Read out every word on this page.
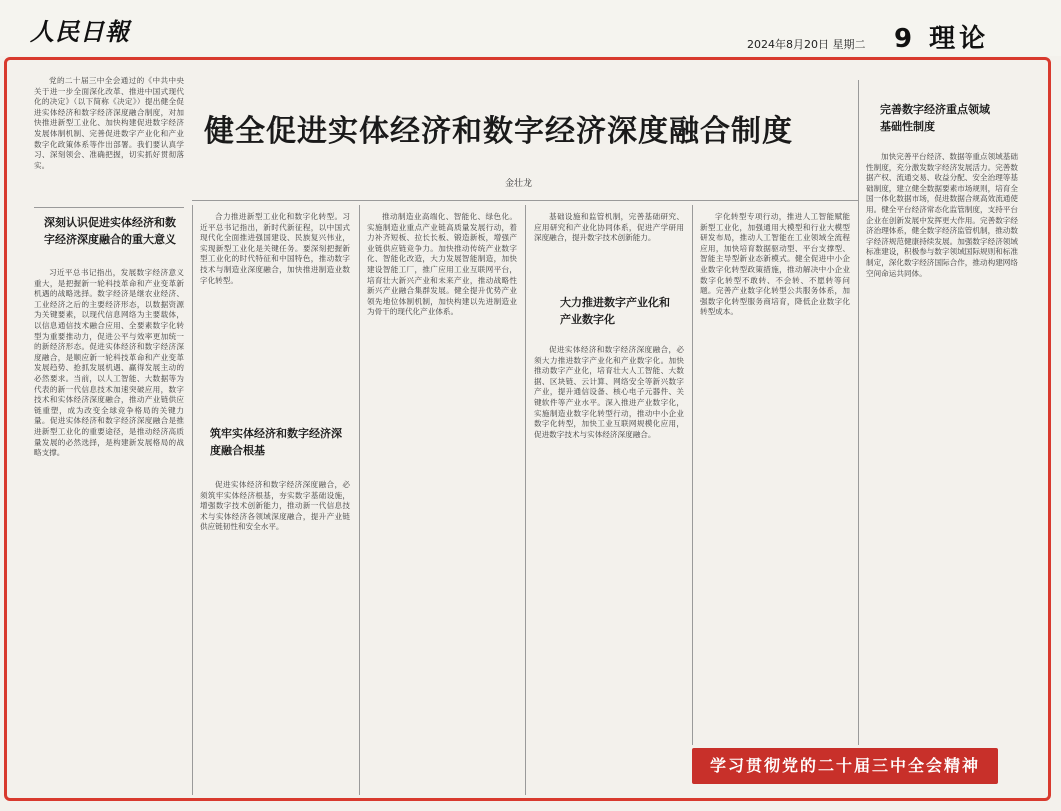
人民日報	2024年8月20日 星期二 9 理论
党的二十届三中全会通过的《中共中央关于进一步全面深化改革、推进中国式现代化的决定》（以下简称《决定》）提出健全促进实体经济和数字经济深度融合制度，对加快推进新型工业化、加快构建促进数字经济发展体制机制、完善促进数字产业化和产业数字化政策体系等作出部署。我们要认真学习、深刻领会、准确把握，切实抓好贯彻落实。
健全促进实体经济和数字经济深度融合制度
金壮龙
深刻认识促进实体经济和数字经济深度融合的重大意义
筑牢实体经济和数字经济深度融合根基
大力推进数字产业化和产业数字化
完善数字经济重点领域基础性制度
习近平总书记指出，发展数字经济意义重大，是把握新一轮科技革命和产业变革新机遇的战略选择。数字经济是继农业经济、工业经济之后的主要经济形态，以数据资源为关键要素，以现代信息网络为主要载体，以信息通信技术融合应用、全要素数字化转型为重要推动力，促进公平与效率更加统一的新经济形态。促进实体经济和数字经济深度融合，是顺应新一轮科技革命和产业变革发展趋势、抢抓发展机遇、赢得发展主动的必然要求。当前，以人工智能、大数据等为代表的新一代信息技术加速突破应用，数字技术和实体经济深度融合，推动产业链供应链重塑，成为改变全球竞争格局的关键力量。促进实体经济和数字经济深度融合是推进新型工业化的重要途径，是推动经济高质量发展的必然选择，是构建新发展格局的战略支撑。
合力推进新型工业化和数字化转型。习近平总书记指出，新时代新征程，以中国式现代化全面推进强国建设、民族复兴伟业，实现新型工业化是关键任务。要深刻把握新型工业化的时代特征和中国特色，推动数字技术与制造业深度融合，加快推进制造业数字化转型。
促进实体经济和数字经济深度融合，必须筑牢实体经济根基，夯实数字基础设施，增强数字技术创新能力，推动新一代信息技术与实体经济各领域深度融合，提升产业链供应链韧性和安全水平。
推动制造业高端化、智能化、绿色化。实施制造业重点产业链高质量发展行动，着力补齐短板、拉长长板、锻造新板，增强产业链供应链竞争力。加快推动传统产业数字化、智能化改造，大力发展智能制造，加快建设智能工厂，推广应用工业互联网平台，培育壮大新兴产业和未来产业，推动战略性新兴产业融合集群发展。健全提升优势产业领先地位体制机制，加快构建以先进制造业为骨干的现代化产业体系。
基础设施和监管机制，完善基础研究、应用研究和产业化协同体系，促进产学研用深度融合，提升数字技术创新能力。
促进实体经济和数字经济深度融合，必须大力推进数字产业化和产业数字化。加快推动数字产业化，培育壮大人工智能、大数据、区块链、云计算、网络安全等新兴数字产业，提升通信设备、核心电子元器件、关键软件等产业水平。深入推进产业数字化，实施制造业数字化转型行动，推动中小企业数字化转型，加快工业互联网规模化应用，促进数字技术与实体经济深度融合。
字化转型专项行动，推进人工智能赋能新型工业化，加强通用大模型和行业大模型研发布局，推动人工智能在工业领域全流程应用，加快培育数据驱动型、平台支撑型、智能主导型新业态新模式。健全促进中小企业数字化转型政策措施，推动解决中小企业数字化转型不敢转、不会转、不愿转等问题。完善产业数字化转型公共服务体系，加强数字化转型服务商培育，降低企业数字化转型成本。
加快完善平台经济、数据等重点领域基础性制度，充分激发数字经济发展活力。完善数据产权、流通交易、收益分配、安全治理等基础制度，建立健全数据要素市场规则，培育全国一体化数据市场，促进数据合规高效流通使用。健全平台经济常态化监管制度，支持平台企业在创新发展中发挥更大作用。完善数字经济治理体系，健全数字经济监管机制，推动数字经济规范健康持续发展。加强数字经济领域标准建设，积极参与数字领域国际规则和标准制定，深化数字经济国际合作，推动构建网络空间命运共同体。
学习贯彻党的二十届三中全会精神
